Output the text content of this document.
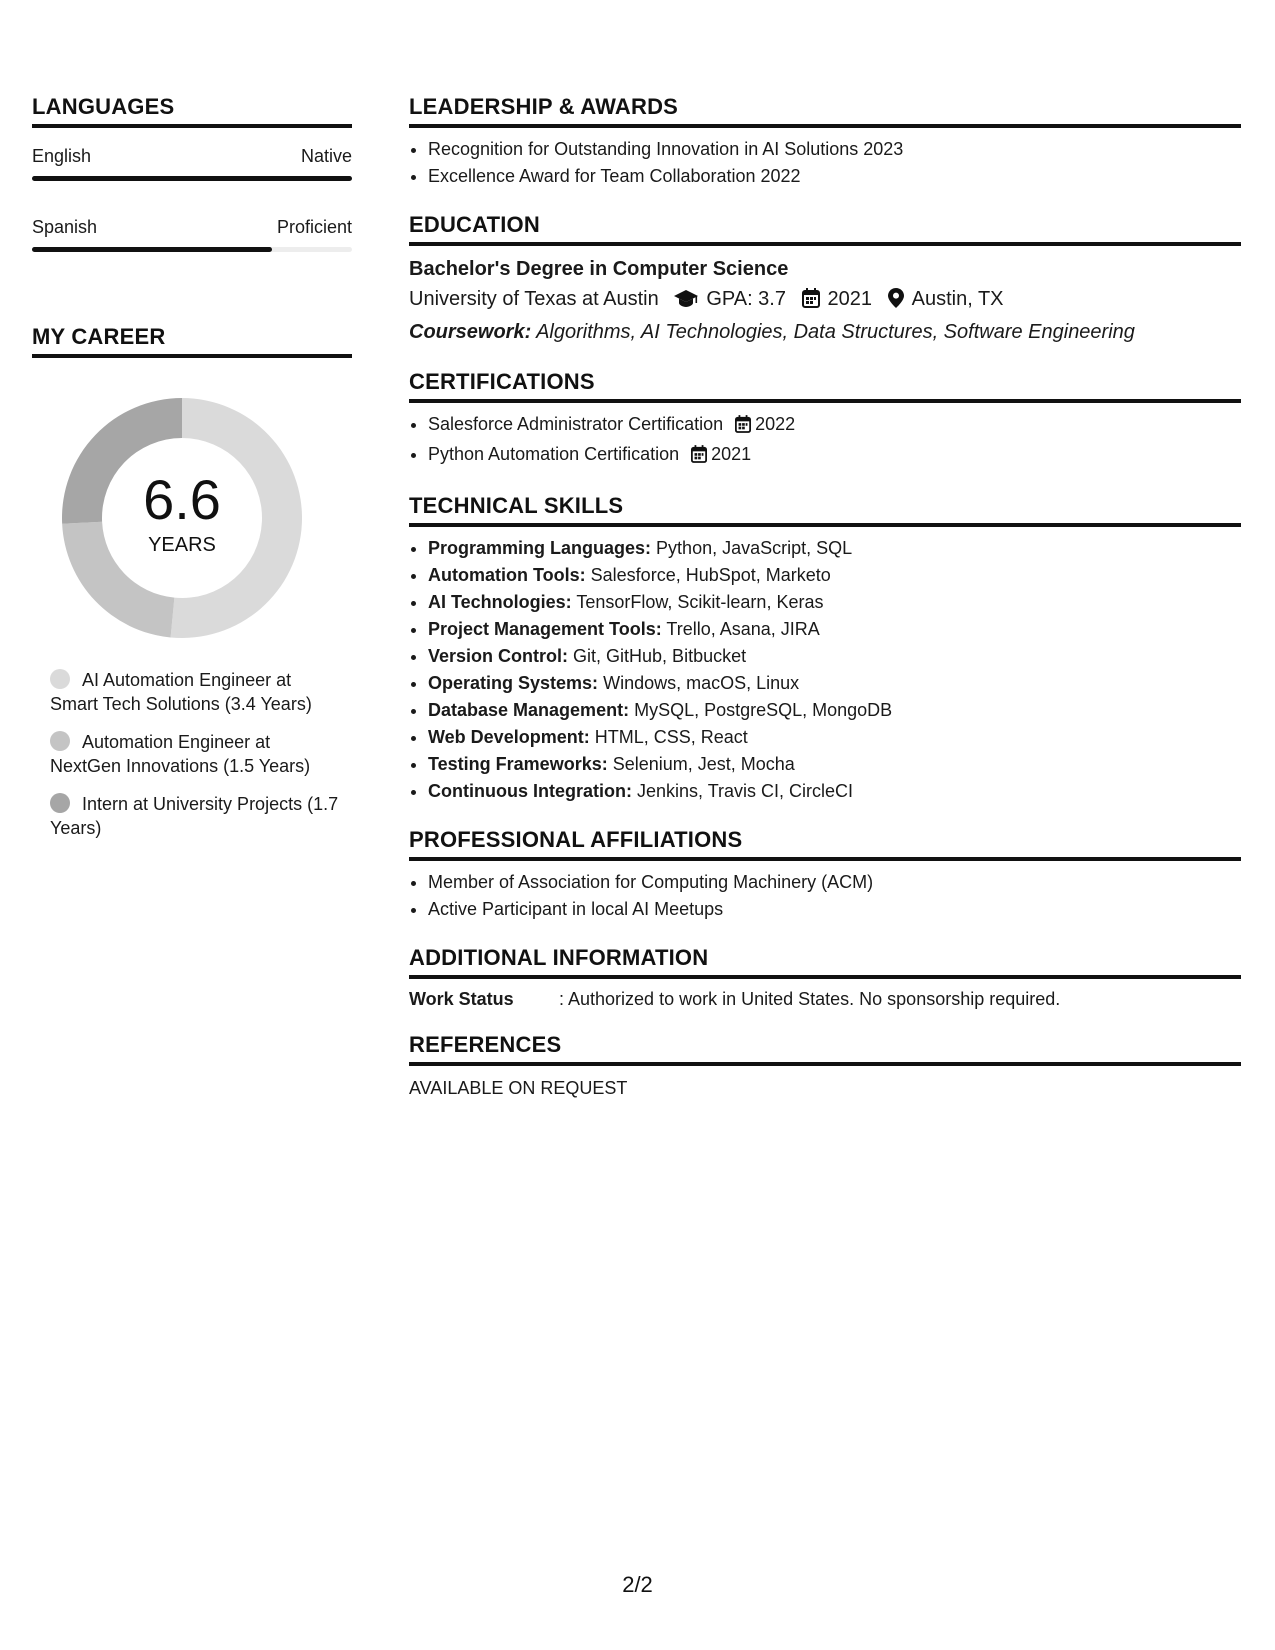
LANGUAGES
English	Native
Spanish	Proficient
MY CAREER
6.6
YEARS
AI Automation Engineer at Smart Tech Solutions (3.4 Years)
Automation Engineer at NextGen Innovations (1.5 Years)
Intern at University Projects (1.7 Years)
LEADERSHIP & AWARDS
• Recognition for Outstanding Innovation in AI Solutions 2023
• Excellence Award for Team Collaboration 2022
EDUCATION
Bachelor's Degree in Computer Science
University of Texas at Austin GPA: 3.7 2021 Austin, TX
Coursework: Algorithms, AI Technologies, Data Structures, Software Engineering
CERTIFICATIONS
• Salesforce Administrator Certification 2022
• Python Automation Certification 2021
TECHNICAL SKILLS
• Programming Languages: Python, JavaScript, SQL
• Automation Tools: Salesforce, HubSpot, Marketo
• AI Technologies: TensorFlow, Scikit-learn, Keras
• Project Management Tools: Trello, Asana, JIRA
• Version Control: Git, GitHub, Bitbucket
• Operating Systems: Windows, macOS, Linux
• Database Management: MySQL, PostgreSQL, MongoDB
• Web Development: HTML, CSS, React
• Testing Frameworks: Selenium, Jest, Mocha
• Continuous Integration: Jenkins, Travis CI, CircleCI
PROFESSIONAL AFFILIATIONS
• Member of Association for Computing Machinery (ACM)
• Active Participant in local AI Meetups
ADDITIONAL INFORMATION
Work Status	: Authorized to work in United States. No sponsorship required.
REFERENCES
AVAILABLE ON REQUEST
2/2
